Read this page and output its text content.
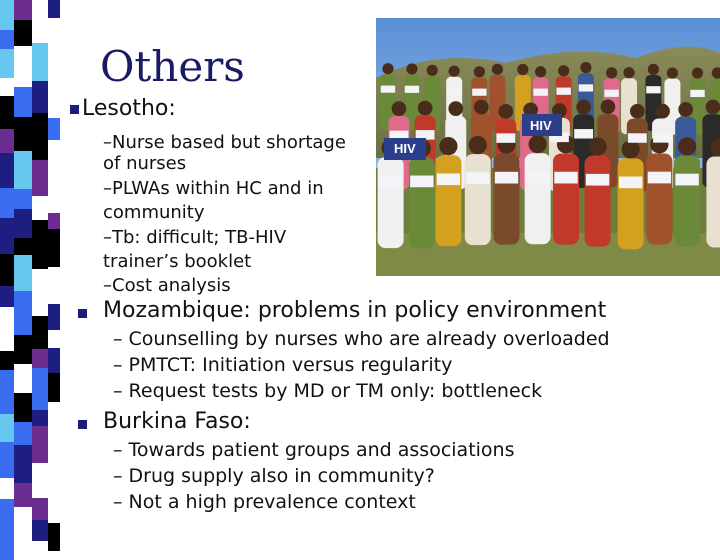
Others
HIV
HIV
Lesotho:
–Nurse based but shortage
of nurses
–PLWAs within HC and in
community
–Tb: difficult; TB-HIV
trainer’s booklet
–Cost analysis
Mozambique: problems in policy environment
– Counselling by nurses who are already overloaded
– PMTCT: Initiation versus regularity
– Request tests by MD or TM only: bottleneck
Burkina Faso:
– Towards patient groups and associations
– Drug supply also in community?
– Not a high prevalence context
